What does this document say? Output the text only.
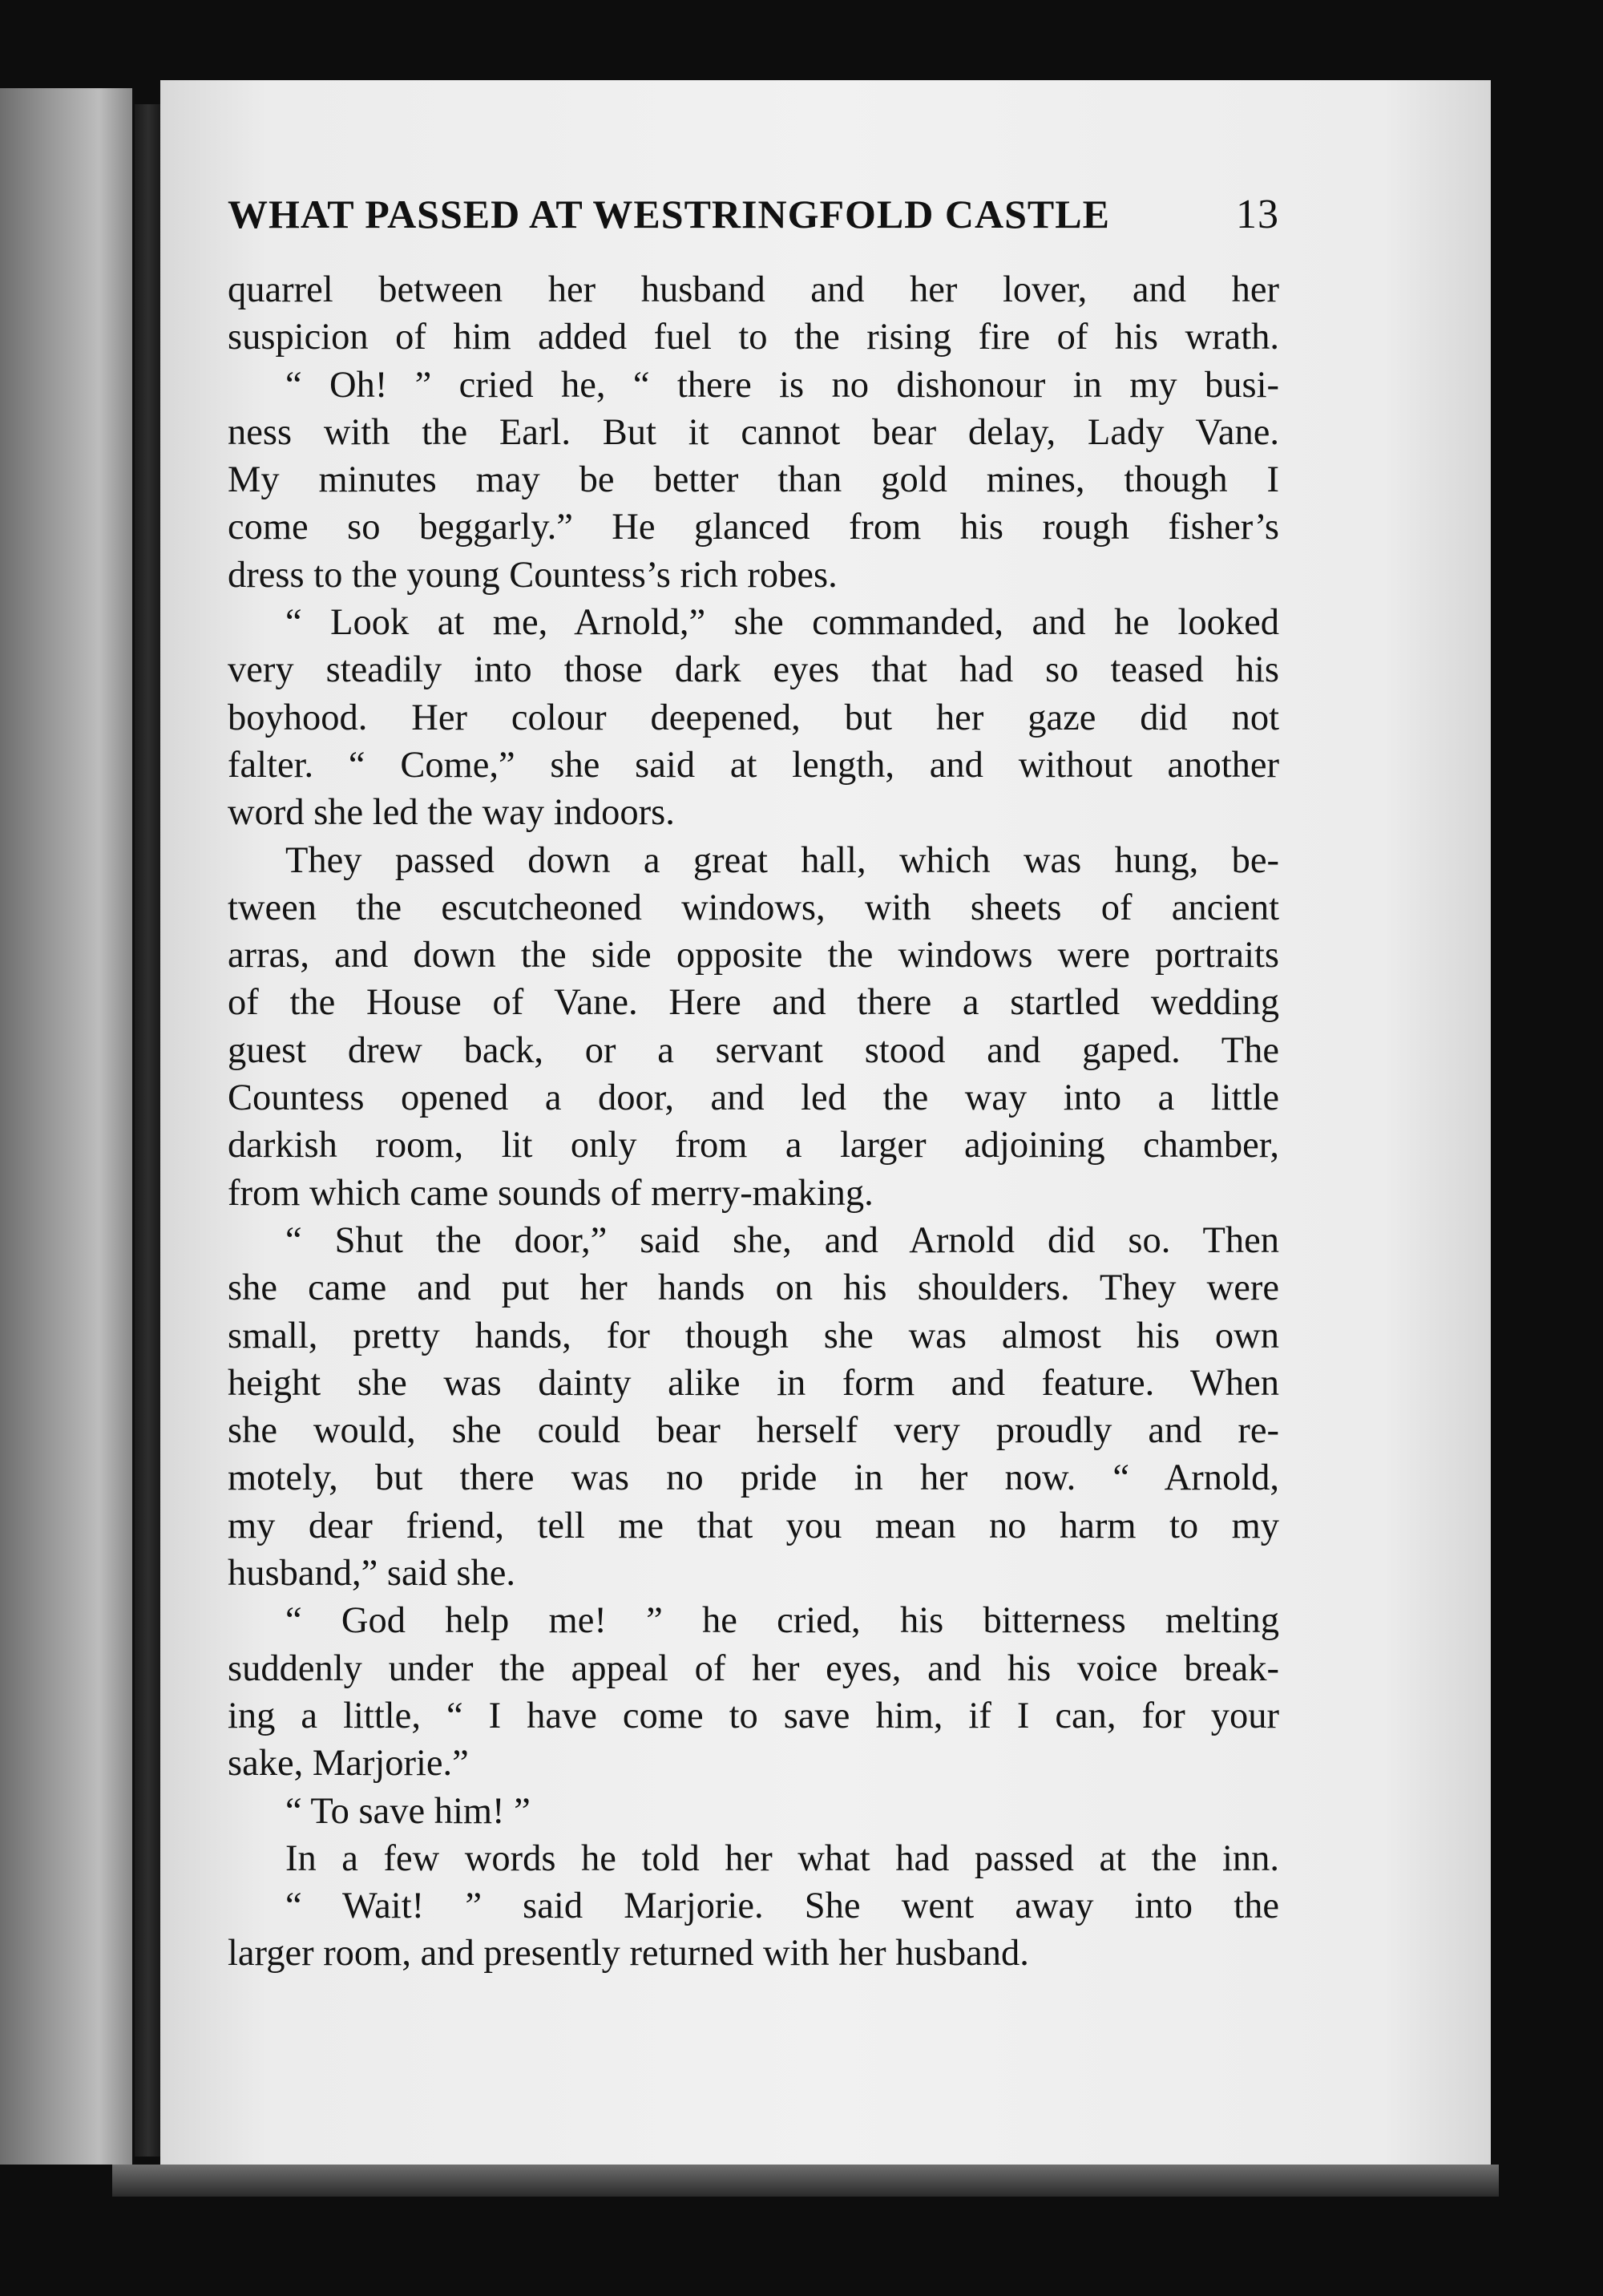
WHAT PASSED AT WESTRINGFOLD CASTLE	13
quarrel between her husband and her lover, and her
suspicion of him added fuel to the rising fire of his wrath.
“ Oh! ” cried he, “ there is no dishonour in my busi-
ness with the Earl. But it cannot bear delay, Lady Vane.
My minutes may be better than gold mines, though I
come so beggarly.” He glanced from his rough fisher’s
dress to the young Countess’s rich robes.
“ Look at me, Arnold,” she commanded, and he looked
very steadily into those dark eyes that had so teased his
boyhood. Her colour deepened, but her gaze did not
falter. “ Come,” she said at length, and without another
word she led the way indoors.
They passed down a great hall, which was hung, be-
tween the escutcheoned windows, with sheets of ancient
arras, and down the side opposite the windows were portraits
of the House of Vane. Here and there a startled wedding
guest drew back, or a servant stood and gaped. The
Countess opened a door, and led the way into a little
darkish room, lit only from a larger adjoining chamber,
from which came sounds of merry-making.
“ Shut the door,” said she, and Arnold did so. Then
she came and put her hands on his shoulders. They were
small, pretty hands, for though she was almost his own
height she was dainty alike in form and feature. When
she would, she could bear herself very proudly and re-
motely, but there was no pride in her now. “ Arnold,
my dear friend, tell me that you mean no harm to my
husband,” said she.
“ God help me! ” he cried, his bitterness melting
suddenly under the appeal of her eyes, and his voice break-
ing a little, “ I have come to save him, if I can, for your
sake, Marjorie.”
“ To save him! ”
In a few words he told her what had passed at the inn.
“ Wait! ” said Marjorie. She went away into the
larger room, and presently returned with her husband.
